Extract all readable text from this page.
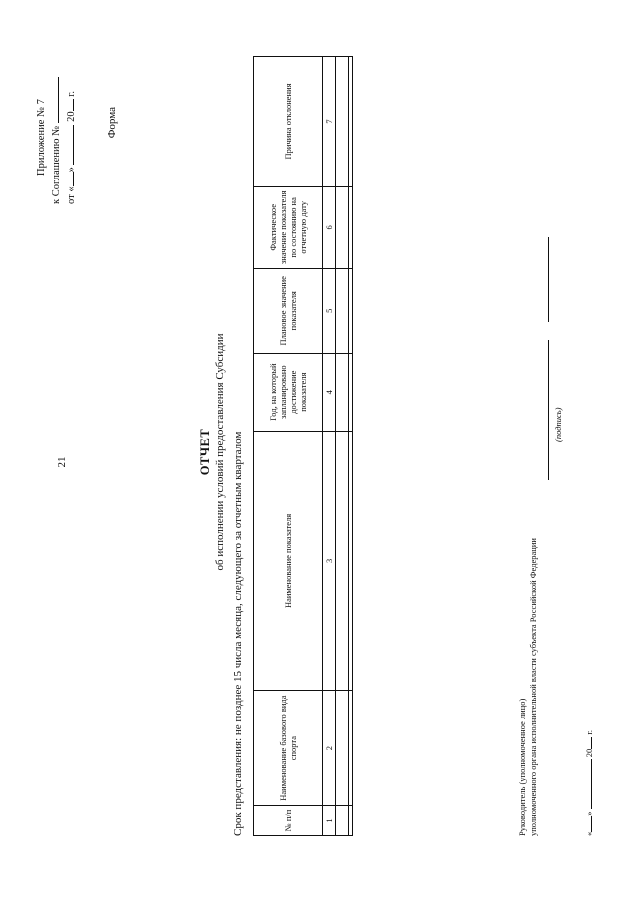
21
Приложение № 7 к Соглашению № от «»  20 г.
Форма
ОТЧЕТ об исполнении условий предоставления Субсидии Срок представления: не позднее 15 числа месяца, следующего за отчетным кварталом	№ п/п	Наименование базового вида спорта	Наименование показателя	Год, на который запланировано достижение показателя	Плановое значение показателя	Фактическое значение показателя по состоянию на отчетную дату	Причина отклонения
1	2	3	4	5	6	7

Руководитель (уполномоченное лицо) уполномоченного органа исполнительной власти субъекта Российской Федерации
(подпись)
«»  20 г.
